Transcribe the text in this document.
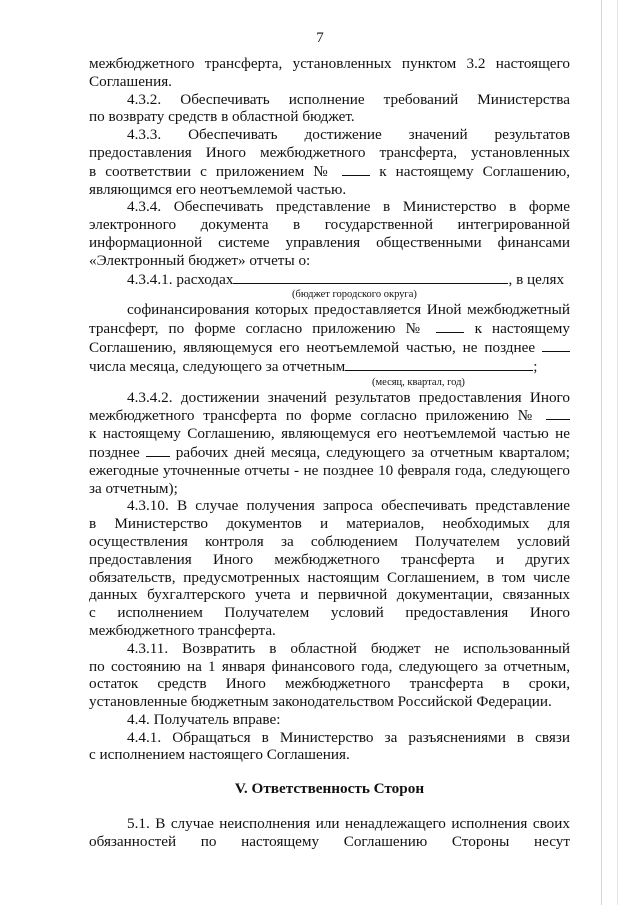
7

межбюджетного трансферта, установленных пунктом 3.2 настоящего
Соглашения.

4.3.2. Обеспечивать исполнение требований Министерства
по возврату средств в областной бюджет.

4.3.3. Обеспечивать достижение значений результатов
предоставления Иного межбюджетного трансферта, установленных
в соответствии с приложением №	к настоящему Соглашению,
являющимся его неотъемлемой частью.

4.3.4. Обеспечивать представление в Министерство в форме
электронного документа в государственной интегрированной
информационной системе управления общественными финансами
«Электронный бюджет» отчеты о:

4.3.4.1. расходах	, в целях
(бюджет городского округа)
софинансирования которых предоставляется Иной межбюджетный
трансферт, по форме согласно приложению №	к настоящему
Соглашению, являющемуся его неотъемлемой частью, не позднее
числа месяца, следующего за отчетным	;
(месяц, квартал, год)

4.3.4.2. достижении значений результатов предоставления Иного
межбюджетного трансферта по форме согласно приложению №
к настоящему Соглашению, являющемуся его неотъемлемой частью не
позднее рабочих дней месяца, следующего за отчетным кварталом;
ежегодные уточненные отчеты - не позднее 10 февраля года, следующего
за отчетным);

4.3.10. В случае получения запроса обеспечивать представление
в Министерство документов и материалов, необходимых для
осуществления контроля за соблюдением Получателем условий
предоставления Иного межбюджетного трансферта и других
обязательств, предусмотренных настоящим Соглашением, в том числе
данных бухгалтерского учета и первичной документации, связанных
с исполнением Получателем условий предоставления Иного
межбюджетного трансферта.

4.3.11. Возвратить в областной бюджет не использованный
по состоянию на 1 января финансового года, следующего за отчетным,
остаток средств Иного межбюджетного трансферта в сроки,
установленные бюджетным законодательством Российской Федерации.

4.4. Получатель вправе:

4.4.1. Обращаться в Министерство за разъяснениями в связи
с исполнением настоящего Соглашения.

V. Ответственность Сторон

5.1. В случае неисполнения или ненадлежащего исполнения своих
обязанностей по настоящему Соглашению Стороны несут
